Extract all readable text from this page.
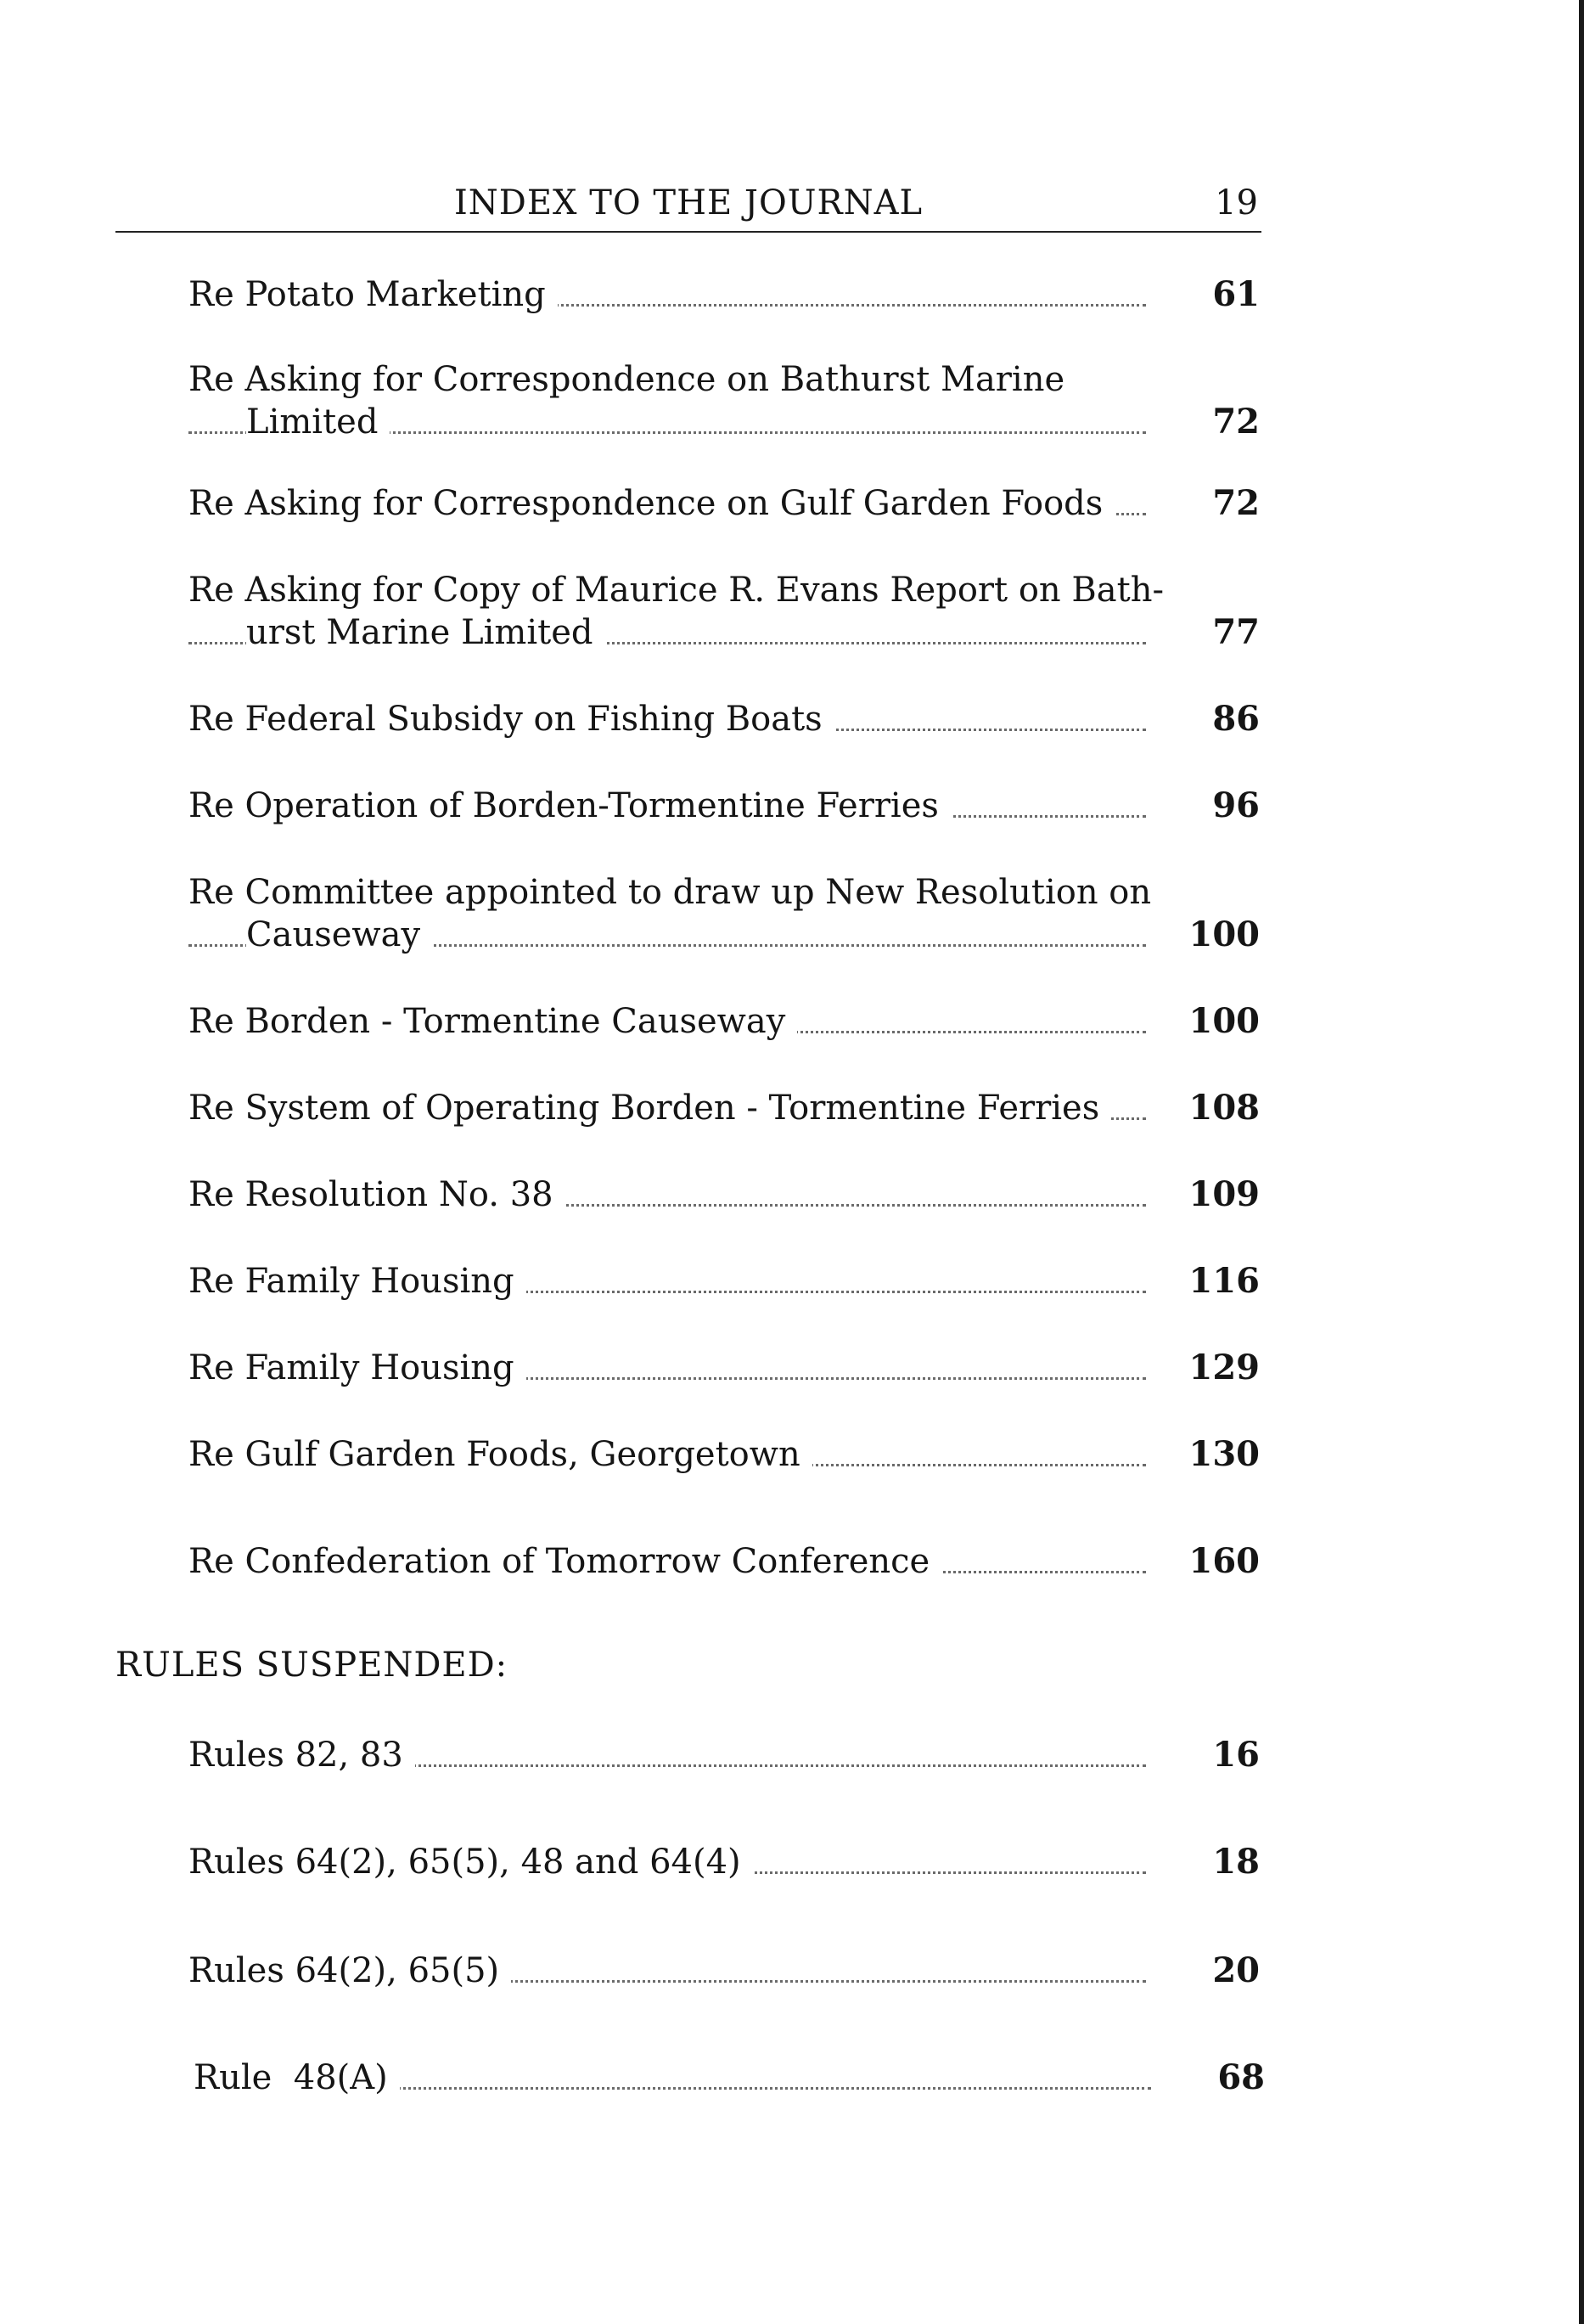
INDEX TO THE JOURNAL	19
Re Potato Marketing	61
Re Asking for Correspondence on Bathurst Marine
Limited	72
Re Asking for Correspondence on Gulf Garden Foods	72
Re Asking for Copy of Maurice R. Evans Report on Bath-
urst Marine Limited	77
Re Federal Subsidy on Fishing Boats	86
Re Operation of Borden-Tormentine Ferries	96
Re Committee appointed to draw up New Resolution on
Causeway	100
Re Borden - Tormentine Causeway	100
Re System of Operating Borden - Tormentine Ferries	108
Re Resolution No. 38	109
Re Family Housing	116
Re Family Housing	129
Re Gulf Garden Foods, Georgetown	130
Re Confederation of Tomorrow Conference	160
RULES SUSPENDED:
Rules 82, 83	16
Rules 64(2), 65(5), 48 and 64(4)	18
Rules 64(2), 65(5)	20
Rule  48(A)	68
